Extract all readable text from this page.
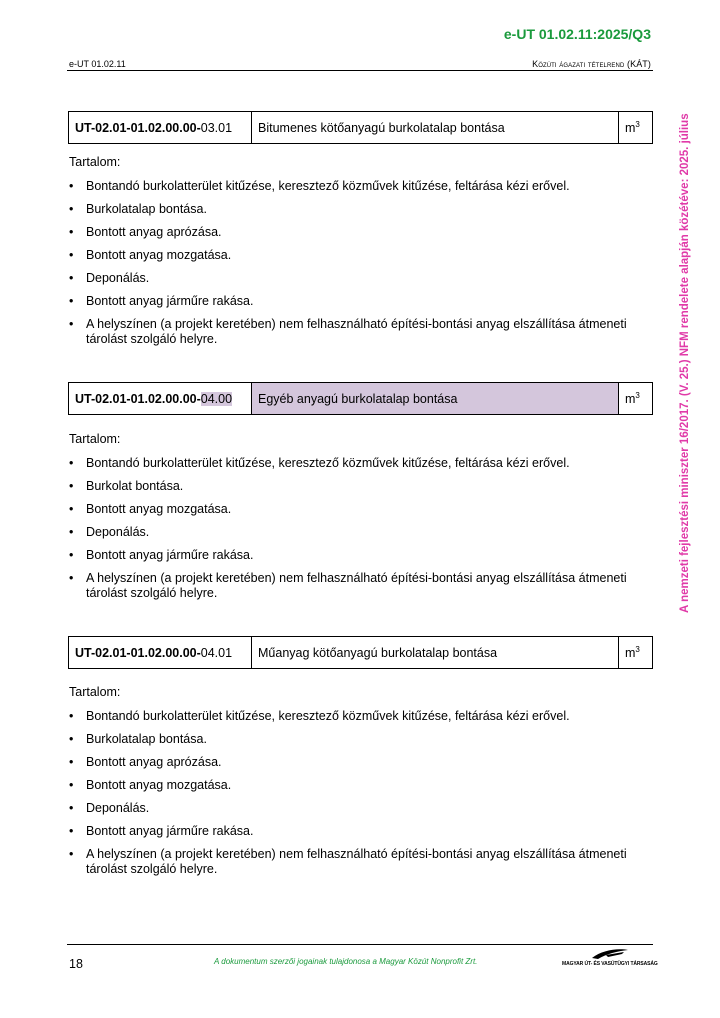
e-UT 01.02.11:2025/Q3
e-UT 01.02.11	Közúti ágazati tételrend (KÁT)
A nemzeti fejlesztési miniszter 16/2017. (V. 25.) NFM rendelete alapján közétéve: 2025. július
UT-02.01-01.02.00.00-03.01	Bitumenes kötőanyagú burkolatalap bontása	$m^3$
Tartalom:
• Bontandó burkolatterület kitűzése, keresztező közművek kitűzése, feltárása kézi erővel.
• Burkolatalap bontása.
• Bontott anyag aprózása.
• Bontott anyag mozgatása.
• Deponálás.
• Bontott anyag járműre rakása.
• A helyszínen (a projekt keretében) nem felhasználható építési-bontási anyag elszállítása átmeneti tárolást szolgáló helyre.
UT-02.01-01.02.00.00-04.00	Egyéb anyagú burkolatalap bontása	$m^3$
Tartalom:
• Bontandó burkolatterület kitűzése, keresztező közművek kitűzése, feltárása kézi erővel.
• Burkolat bontása.
• Bontott anyag mozgatása.
• Deponálás.
• Bontott anyag járműre rakása.
• A helyszínen (a projekt keretében) nem felhasználható építési-bontási anyag elszállítása átmeneti tárolást szolgáló helyre.
UT-02.01-01.02.00.00-04.01	Műanyag kötőanyagú burkolatalap bontása	$m^3$
Tartalom:
• Bontandó burkolatterület kitűzése, keresztező közművek kitűzése, feltárása kézi erővel.
• Burkolatalap bontása.
• Bontott anyag aprózása.
• Bontott anyag mozgatása.
• Deponálás.
• Bontott anyag járműre rakása.
• A helyszínen (a projekt keretében) nem felhasználható építési-bontási anyag elszállítása átmeneti tárolást szolgáló helyre.
18	A dokumentum szerzői jogainak tulajdonosa a Magyar Közút Nonprofit Zrt.	MAGYAR ÚT- ÉS VASÚTÜGYI TÁRSASÁG
